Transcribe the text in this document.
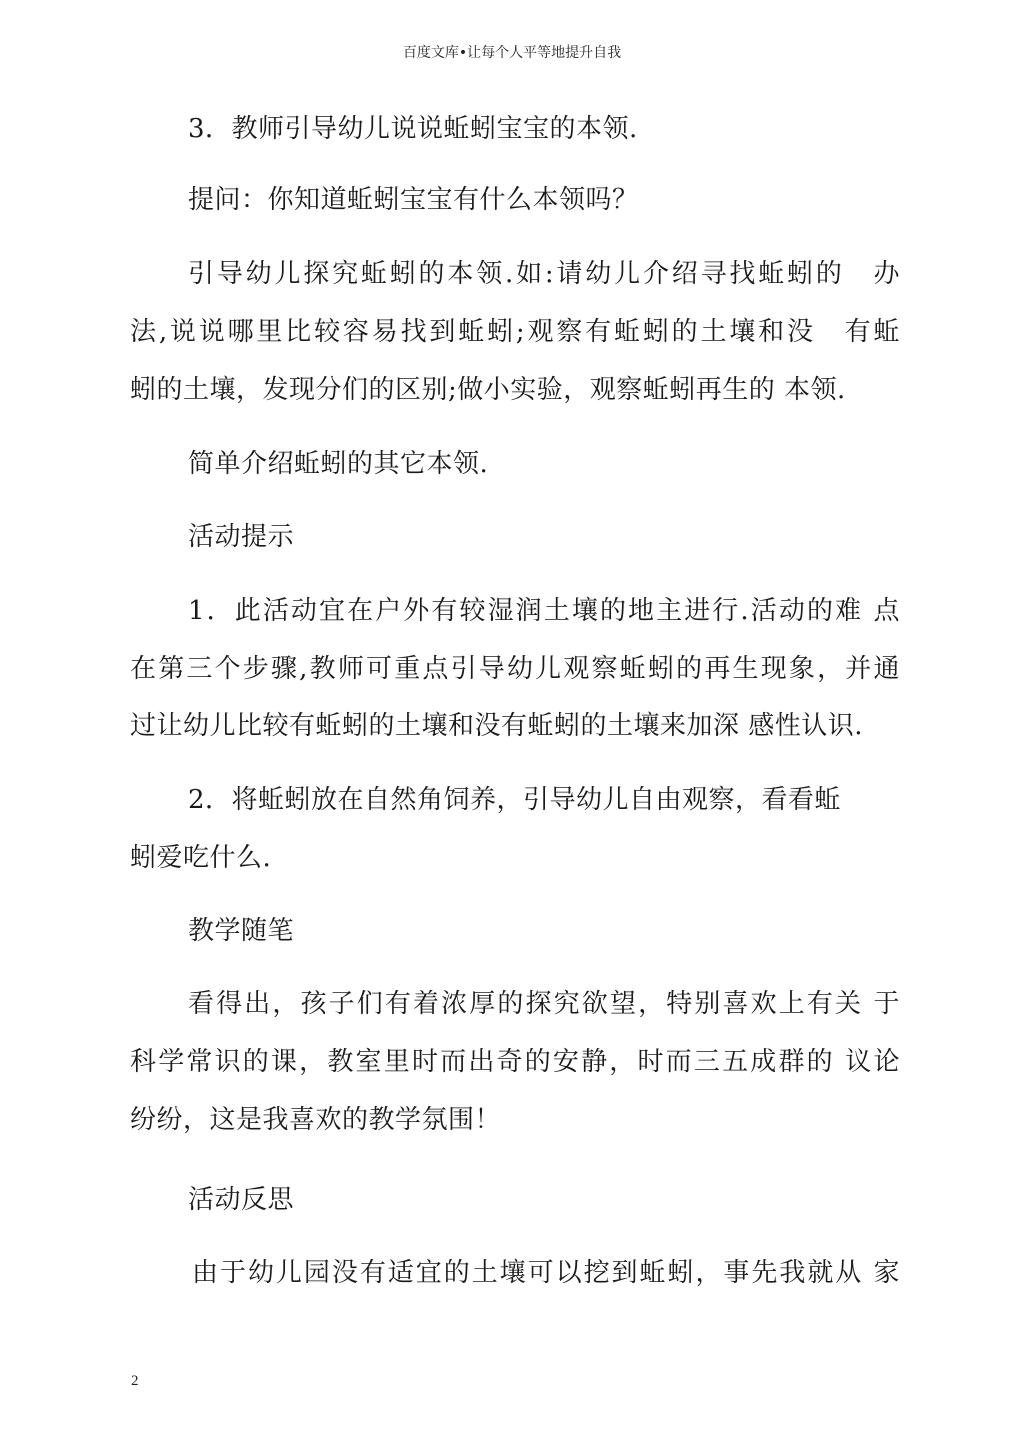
百度文库•让每个人平等地提升自我
3．教师引导幼儿说说蚯蚓宝宝的本领.
提问：你知道蚯蚓宝宝有什么本领吗？
引导幼儿探究蚯蚓的本领.如:请幼儿介绍寻找蚯蚓的　办
法,说说哪里比较容易找到蚯蚓;观察有蚯蚓的土壤和没　有蚯
蚓的土壤，发现分们的区别;做小实验，观察蚯蚓再生的 本领.
简单介绍蚯蚓的其它本领.
活动提示
1．此活动宜在户外有较湿润土壤的地主进行.活动的难 点
在第三个步骤,教师可重点引导幼儿观察蚯蚓的再生现象，并通
过让幼儿比较有蚯蚓的土壤和没有蚯蚓的土壤来加深 感性认识.
2．将蚯蚓放在自然角饲养，引导幼儿自由观察，看看蚯
蚓爱吃什么.
教学随笔
看得出，孩子们有着浓厚的探究欲望，特别喜欢上有关 于
科学常识的课，教室里时而出奇的安静，时而三五成群的 议论
纷纷，这是我喜欢的教学氛围！
活动反思
由于幼儿园没有适宜的土壤可以挖到蚯蚓，事先我就从 家
2
